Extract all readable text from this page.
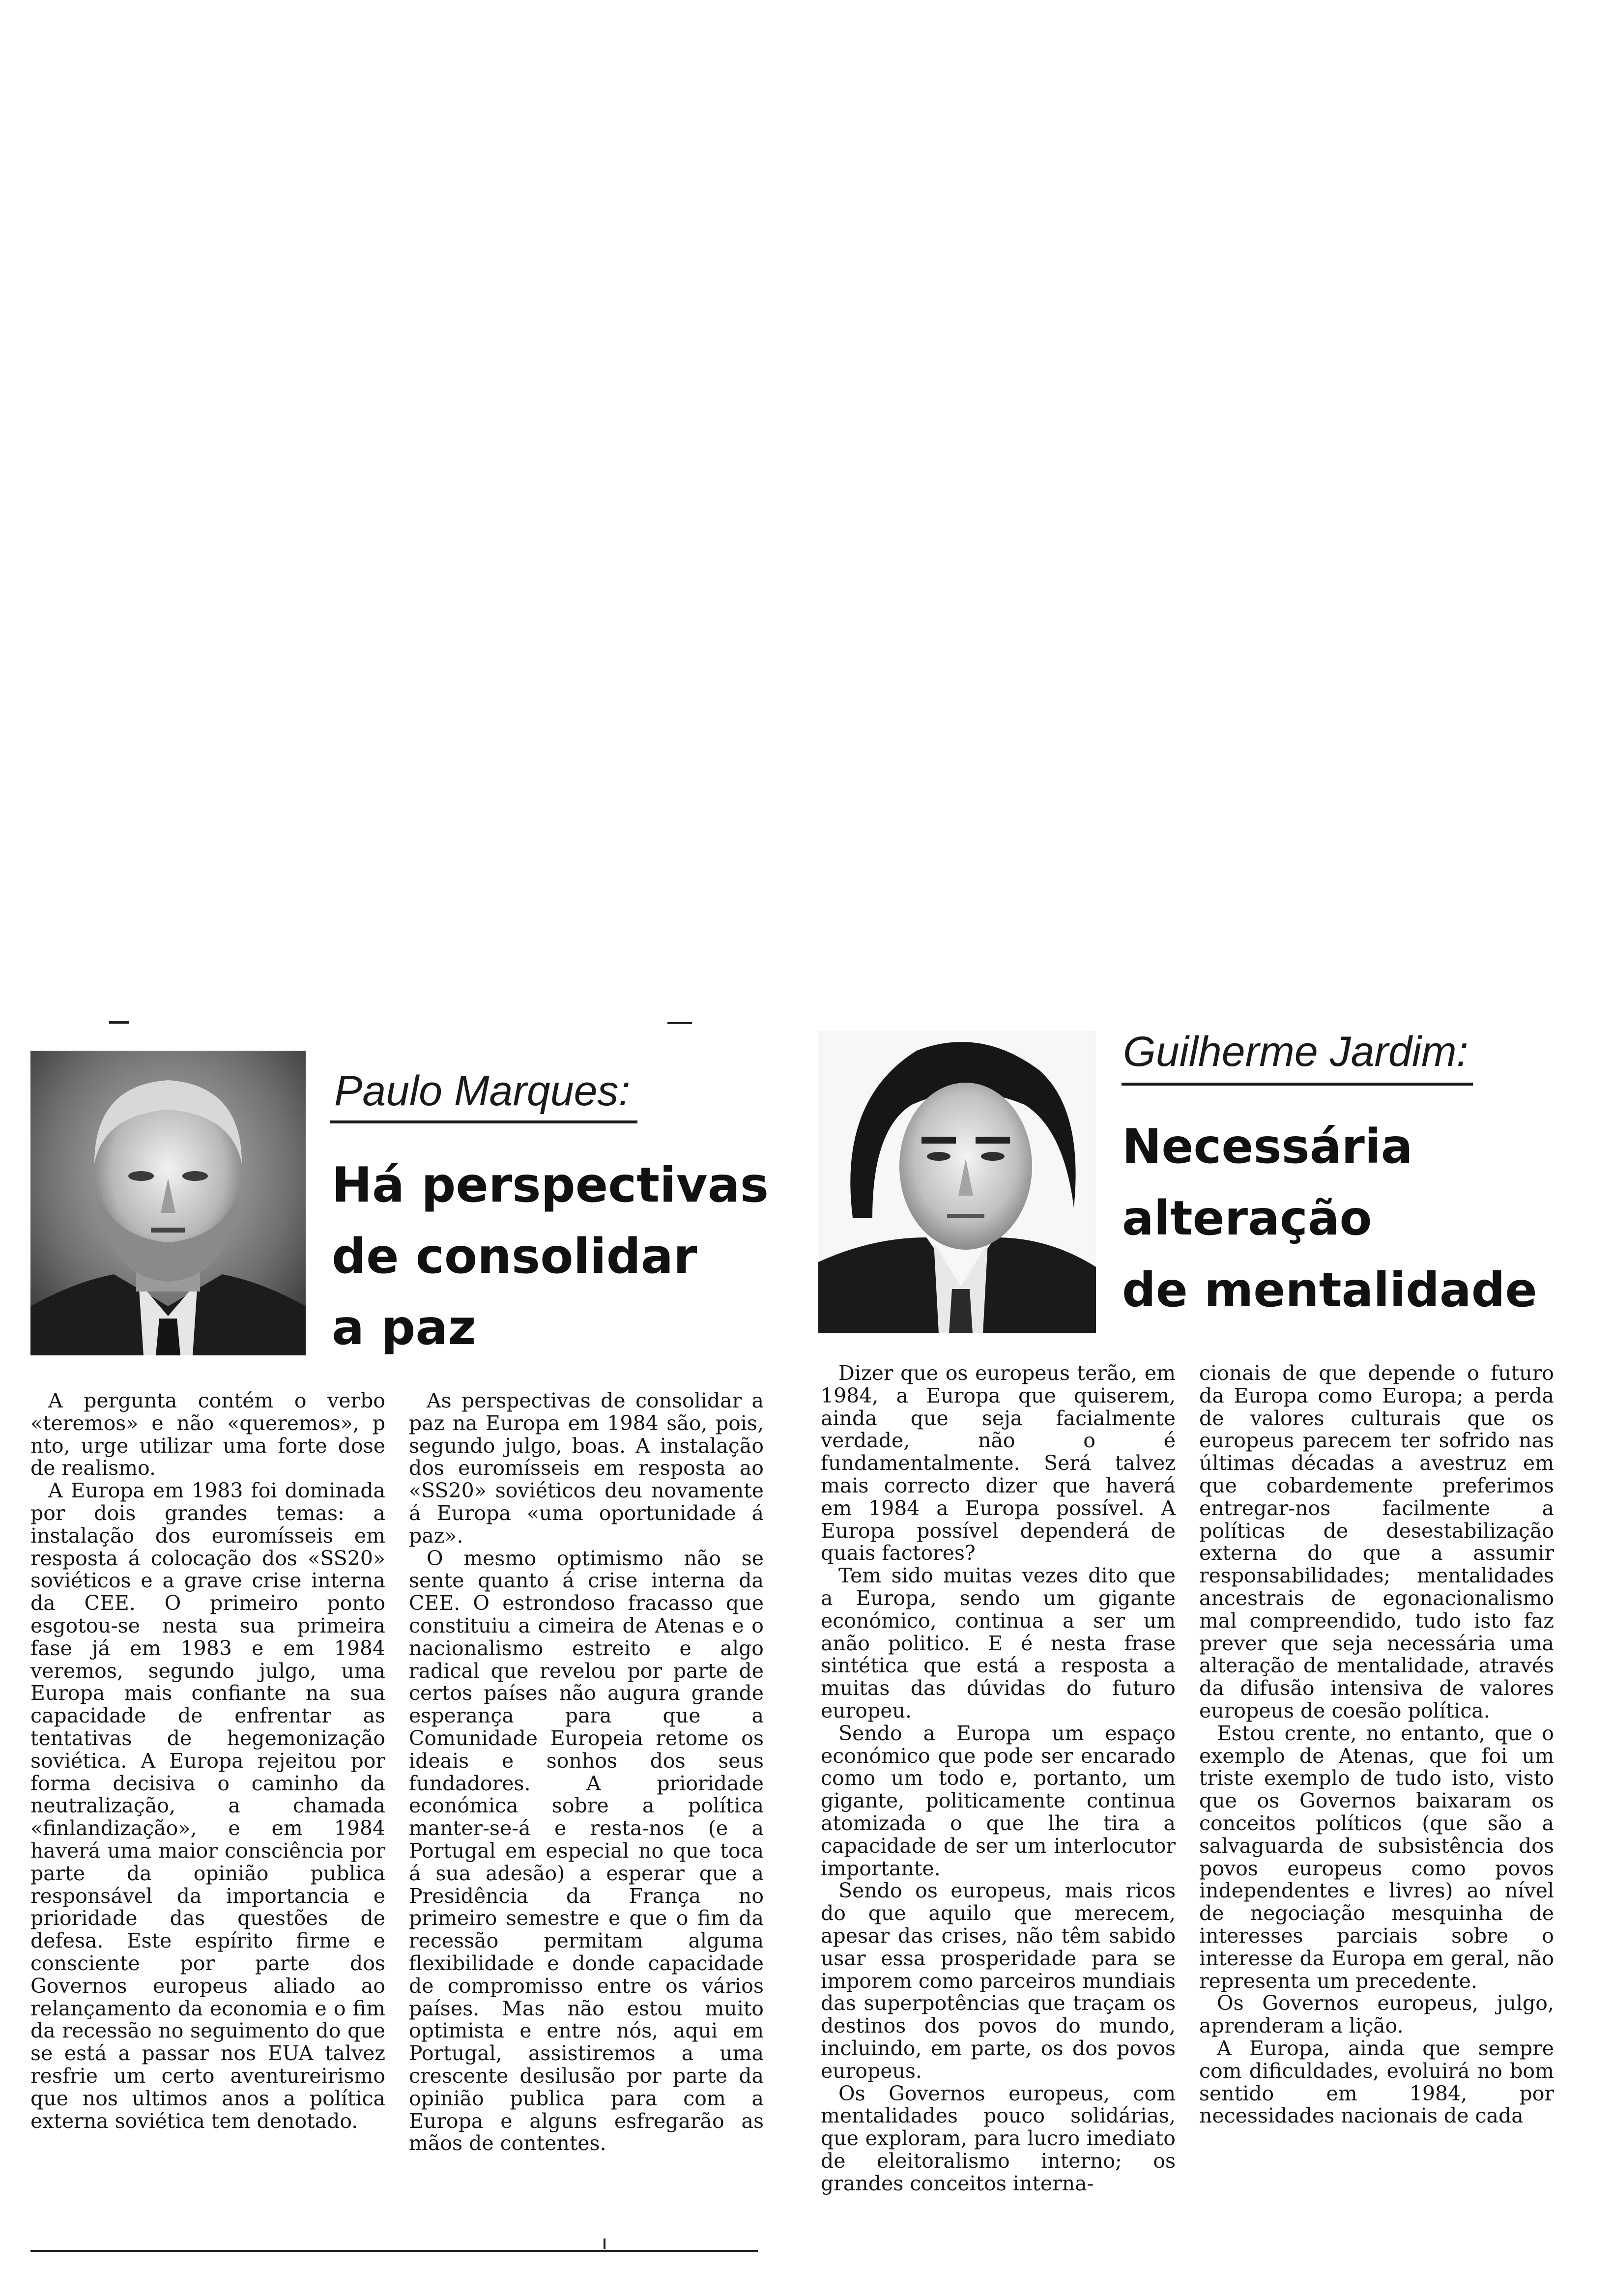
Paulo Marques:
Há perspectivas
de consolidar
a paz

A pergunta contém o verbo «teremos» e não «queremos», p nto, urge utilizar uma forte dose de realismo.

A Europa em 1983 foi dominada por dois grandes temas: a instalação dos euromísseis em resposta á colocação dos «SS20» soviéticos e a grave crise interna da CEE. O primeiro ponto esgotou-se nesta sua primeira fase já em 1983 e em 1984 veremos, segundo julgo, uma Europa mais confiante na sua capacidade de enfrentar as tentativas de hegemonização soviética. A Europa rejeitou por forma decisiva o caminho da neutralização, a chamada «finlandização», e em 1984 haverá uma maior consciência por parte da opinião publica responsável da importancia e prioridade das questões de defesa. Este espírito firme e consciente por parte dos Governos europeus aliado ao relançamento da economia e o fim da recessão no seguimento do que se está a passar nos EUA talvez resfrie um certo aventureirismo que nos ultimos anos a política externa soviética tem denotado.

As perspectivas de consolidar a paz na Europa em 1984 são, pois, segundo julgo, boas. A instalação dos euromísseis em resposta ao «SS20» soviéticos deu novamente á Europa «uma oportunidade á paz».

O mesmo optimismo não se sente quanto á crise interna da CEE. O estrondoso fracasso que constituiu a cimeira de Atenas e o nacionalismo estreito e algo radical que revelou por parte de certos países não augura grande esperança para que a Comunidade Europeia retome os ideais e sonhos dos seus fundadores. A prioridade económica sobre a política manter-se-á e resta-nos (e a Portugal em especial no que toca á sua adesão) a esperar que a Presidência da França no primeiro semestre e que o fim da recessão permitam alguma flexibilidade e donde capacidade de compromisso entre os vários países. Mas não estou muito optimista e entre nós, aqui em Portugal, assistiremos a uma crescente desilusão por parte da opinião publica para com a Europa e alguns esfregarão as mãos de contentes.

Guilherme Jardim:
Necessária
alteração
de mentalidade

Dizer que os europeus terão, em 1984, a Europa que quiserem, ainda que seja facialmente verdade, não o é fundamentalmente. Será talvez mais correcto dizer que haverá em 1984 a Europa possível. A Europa possível dependerá de quais factores?

Tem sido muitas vezes dito que a Europa, sendo um gigante económico, continua a ser um anão politico. E é nesta frase sintética que está a resposta a muitas das dúvidas do futuro europeu.

Sendo a Europa um espaço económico que pode ser encarado como um todo e, portanto, um gigante, politicamente continua atomizada o que lhe tira a capacidade de ser um interlocutor importante.

Sendo os europeus, mais ricos do que aquilo que merecem, apesar das crises, não têm sabido usar essa prosperidade para se imporem como parceiros mundiais das superpotências que traçam os destinos dos povos do mundo, incluindo, em parte, os dos povos europeus.

Os Governos europeus, com mentalidades pouco solidárias, que exploram, para lucro imediato de eleitoralismo interno; os grandes conceitos interna-

cionais de que depende o futuro da Europa como Europa; a perda de valores culturais que os europeus parecem ter sofrido nas últimas décadas a avestruz em que cobardemente preferimos entregar-nos facilmente a políticas de desestabilização externa do que a assumir responsabilidades; mentalidades ancestrais de egonacionalismo mal compreendido, tudo isto faz prever que seja necessária uma alteração de mentalidade, através da difusão intensiva de valores europeus de coesão política.

Estou crente, no entanto, que o exemplo de Atenas, que foi um triste exemplo de tudo isto, visto que os Governos baixaram os conceitos políticos (que são a salvaguarda de subsistência dos povos europeus como povos independentes e livres) ao nível de negociação mesquinha de interesses parciais sobre o interesse da Europa em geral, não representa um precedente.

Os Governos europeus, julgo, aprenderam a lição.

A Europa, ainda que sempre com dificuldades, evoluirá no bom sentido em 1984, por necessidades nacionais de cada
